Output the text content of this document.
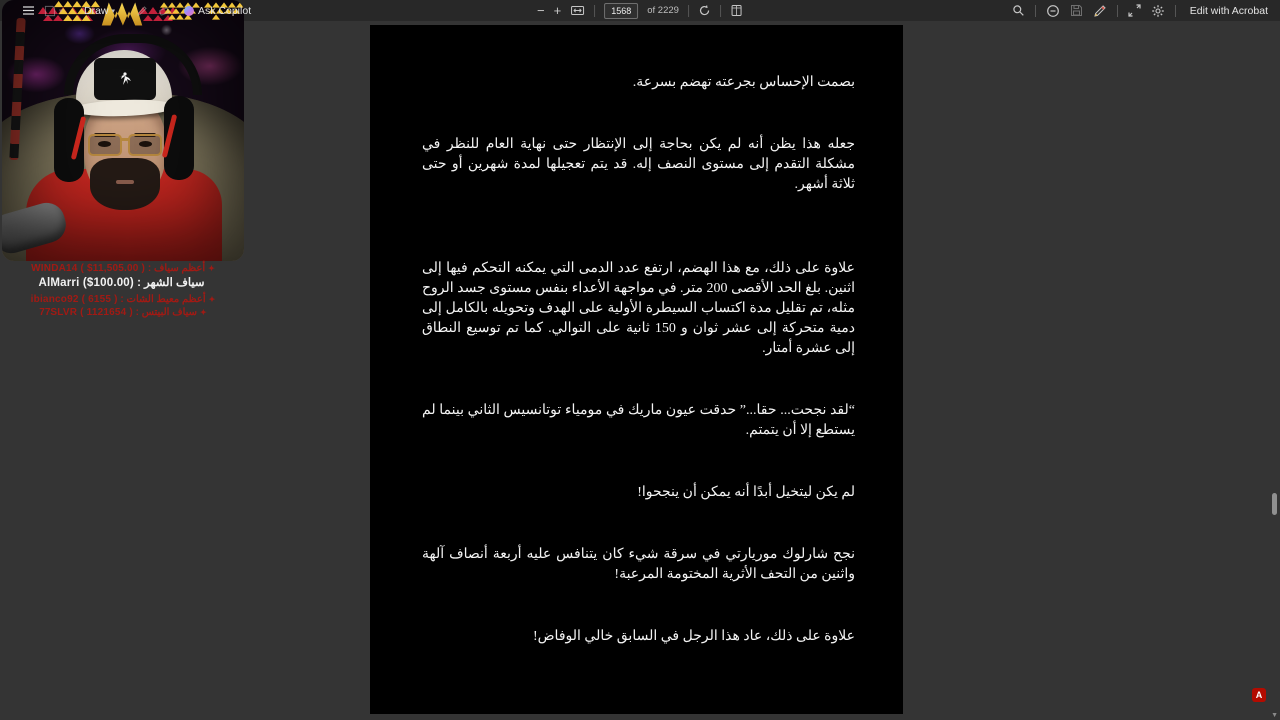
− +	1568	of 2229	Edit with Acrobat
▾ Draw ▾	Ask Copilot

بصمت الإحساس بجرعته تهضم بسرعة.

جعله هذا يظن أنه لم يكن بحاجة إلى الإنتظار حتى نهاية العام للنظر في مشكلة التقدم إلى مستوى النصف إله. قد يتم تعجيلها لمدة شهرين أو حتى ثلاثة أشهر.

علاوة على ذلك، مع هذا الهضم، ارتفع عدد الدمى التي يمكنه التحكم فيها إلى اثنين. بلغ الحد الأقصى 200 متر. في مواجهة الأعداء بنفس مستوى جسد الروح مثله، تم تقليل مدة اكتساب السيطرة الأولية على الهدف وتحويله بالكامل إلى دمية متحركة إلى عشر ثوان و 150 ثانية على التوالي. كما تم توسيع النطاق إلى عشرة أمتار.

“لقد نجحت... حقا...” حدقت عيون ماريك في مومياء توتانسيس الثاني بينما لم يستطع إلا أن يتمتم.

لم يكن ليتخيل أبدًا أنه يمكن أن ينجحوا!

نجح شارلوك موريارتي في سرقة شيء كان يتنافس عليه أربعة أنصاف آلهة واثنين من التحف الأثرية المختومة المرعبة!

علاوة على ذلك، عاد هذا الرجل في السابق خالي الوفاض!

✦أعظم سياف : WINDA14 ( $11,505.00 )
سياف الشهر : AlMarri ($100.00)
✦أعظم معيط الشات : ibianco92 ( 6155 )
✦سياف البيتس : 77SLVR ( 1121654 )
▼
A
